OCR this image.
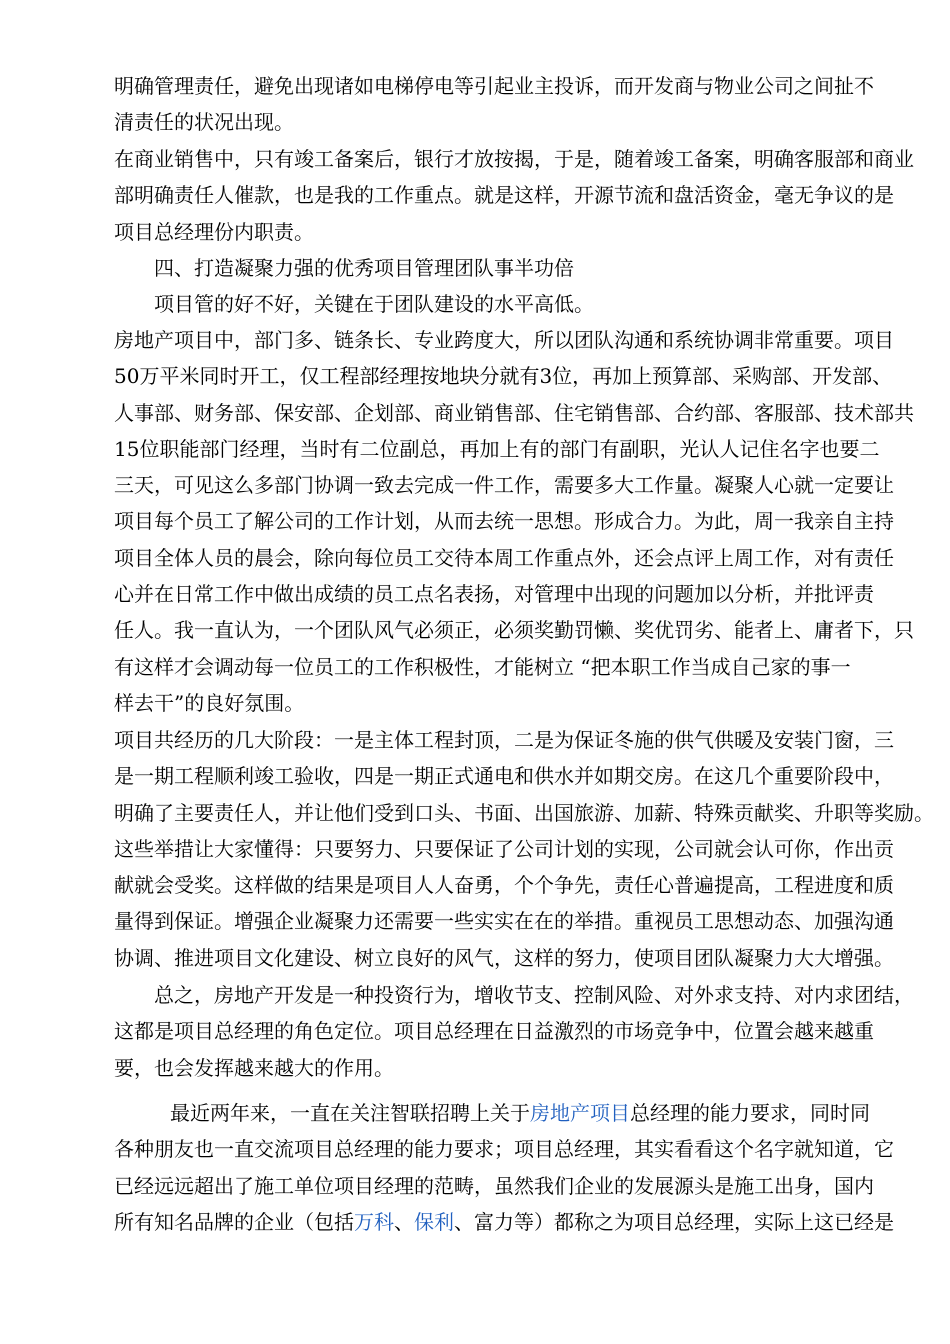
明确管理责任，避免出现诸如电梯停电等引起业主投诉，而开发商与物业公司之间扯不
清责任的状况出现。
在商业销售中，只有竣工备案后，银行才放按揭，于是，随着竣工备案，明确客服部和商业
部明确责任人催款，也是我的工作重点。就是这样，开源节流和盘活资金，毫无争议的是
项目总经理份内职责。
四、打造凝聚力强的优秀项目管理团队事半功倍
项目管的好不好，关键在于团队建设的水平高低。
房地产项目中，部门多、链条长、专业跨度大，所以团队沟通和系统协调非常重要。项目
50万平米同时开工，仅工程部经理按地块分就有3位，再加上预算部、采购部、开发部、
人事部、财务部、保安部、企划部、商业销售部、住宅销售部、合约部、客服部、技术部共
15位职能部门经理，当时有二位副总，再加上有的部门有副职，光认人记住名字也要二
三天，可见这么多部门协调一致去完成一件工作，需要多大工作量。凝聚人心就一定要让
项目每个员工了解公司的工作计划，从而去统一思想。形成合力。为此，周一我亲自主持
项目全体人员的晨会，除向每位员工交待本周工作重点外，还会点评上周工作，对有责任
心并在日常工作中做出成绩的员工点名表扬，对管理中出现的问题加以分析，并批评责
任人。我一直认为，一个团队风气必须正，必须奖勤罚懒、奖优罚劣、能者上、庸者下，只
有这样才会调动每一位员工的工作积极性，才能树立 “把本职工作当成自己家的事一
样去干”的良好氛围。
项目共经历的几大阶段：一是主体工程封顶，二是为保证冬施的供气供暖及安装门窗，三
是一期工程顺利竣工验收，四是一期正式通电和供水并如期交房。在这几个重要阶段中，
明确了主要责任人，并让他们受到口头、书面、出国旅游、加薪、特殊贡献奖、升职等奖励。
这些举措让大家懂得：只要努力、只要保证了公司计划的实现，公司就会认可你，作出贡
献就会受奖。这样做的结果是项目人人奋勇，个个争先，责任心普遍提高，工程进度和质
量得到保证。增强企业凝聚力还需要一些实实在在的举措。重视员工思想动态、加强沟通
协调、推进项目文化建设、树立良好的风气，这样的努力，使项目团队凝聚力大大增强。
总之，房地产开发是一种投资行为，增收节支、控制风险、对外求支持、对内求团结，
这都是项目总经理的角色定位。项目总经理在日益激烈的市场竞争中，位置会越来越重
要，也会发挥越来越大的作用。
最近两年来，一直在关注智联招聘上关于房地产项目总经理的能力要求，同时同
各种朋友也一直交流项目总经理的能力要求；项目总经理，其实看看这个名字就知道，它
已经远远超出了施工单位项目经理的范畴，虽然我们企业的发展源头是施工出身，国内
所有知名品牌的企业（包括万科、保利、富力等）都称之为项目总经理，实际上这已经是
